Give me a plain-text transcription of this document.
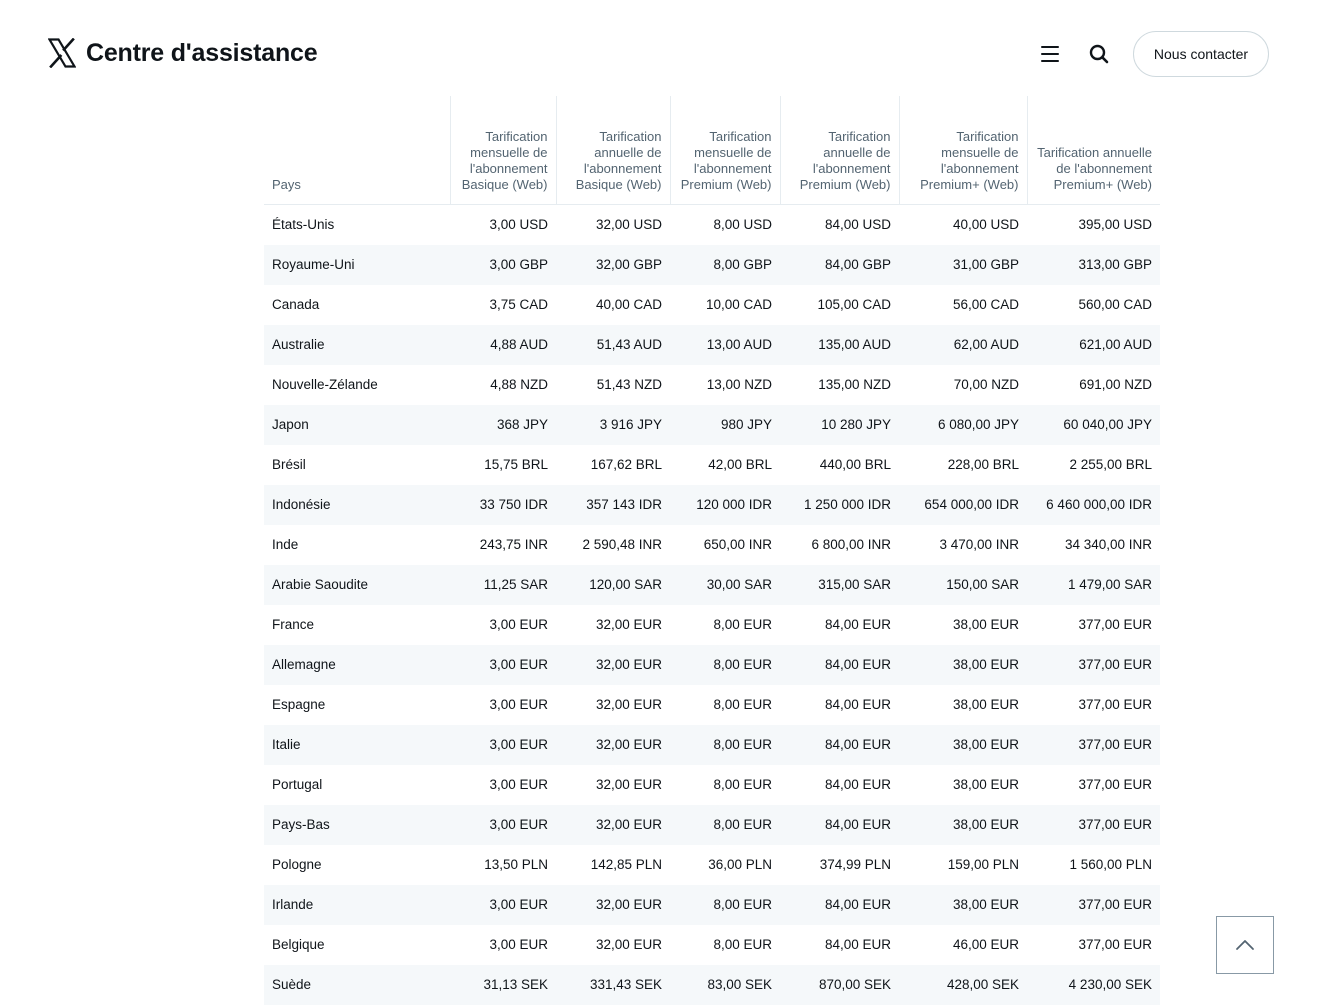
Centre d'assistance	Nous contacter
Pays	Tarification mensuelle de l'abonnement Basique (Web)	Tarification annuelle de l'abonnement Basique (Web)	Tarification mensuelle de l'abonnement Premium (Web)	Tarification annuelle de l'abonnement Premium (Web)	Tarification mensuelle de l'abonnement Premium+ (Web)	Tarification annuelle de l'abonnement Premium+ (Web)
États-Unis	3,00 USD	32,00 USD	8,00 USD	84,00 USD	40,00 USD	395,00 USD
Royaume-Uni	3,00 GBP	32,00 GBP	8,00 GBP	84,00 GBP	31,00 GBP	313,00 GBP
Canada	3,75 CAD	40,00 CAD	10,00 CAD	105,00 CAD	56,00 CAD	560,00 CAD
Australie	4,88 AUD	51,43 AUD	13,00 AUD	135,00 AUD	62,00 AUD	621,00 AUD
Nouvelle-Zélande	4,88 NZD	51,43 NZD	13,00 NZD	135,00 NZD	70,00 NZD	691,00 NZD
Japon	368 JPY	3 916 JPY	980 JPY	10 280 JPY	6 080,00 JPY	60 040,00 JPY
Brésil	15,75 BRL	167,62 BRL	42,00 BRL	440,00 BRL	228,00 BRL	2 255,00 BRL
Indonésie	33 750 IDR	357 143 IDR	120 000 IDR	1 250 000 IDR	654 000,00 IDR	6 460 000,00 IDR
Inde	243,75 INR	2 590,48 INR	650,00 INR	6 800,00 INR	3 470,00 INR	34 340,00 INR
Arabie Saoudite	11,25 SAR	120,00 SAR	30,00 SAR	315,00 SAR	150,00 SAR	1 479,00 SAR
France	3,00 EUR	32,00 EUR	8,00 EUR	84,00 EUR	38,00 EUR	377,00 EUR
Allemagne	3,00 EUR	32,00 EUR	8,00 EUR	84,00 EUR	38,00 EUR	377,00 EUR
Espagne	3,00 EUR	32,00 EUR	8,00 EUR	84,00 EUR	38,00 EUR	377,00 EUR
Italie	3,00 EUR	32,00 EUR	8,00 EUR	84,00 EUR	38,00 EUR	377,00 EUR
Portugal	3,00 EUR	32,00 EUR	8,00 EUR	84,00 EUR	38,00 EUR	377,00 EUR
Pays-Bas	3,00 EUR	32,00 EUR	8,00 EUR	84,00 EUR	38,00 EUR	377,00 EUR
Pologne	13,50 PLN	142,85 PLN	36,00 PLN	374,99 PLN	159,00 PLN	1 560,00 PLN
Irlande	3,00 EUR	32,00 EUR	8,00 EUR	84,00 EUR	38,00 EUR	377,00 EUR
Belgique	3,00 EUR	32,00 EUR	8,00 EUR	84,00 EUR	46,00 EUR	377,00 EUR
Suède	31,13 SEK	331,43 SEK	83,00 SEK	870,00 SEK	428,00 SEK	4 230,00 SEK
